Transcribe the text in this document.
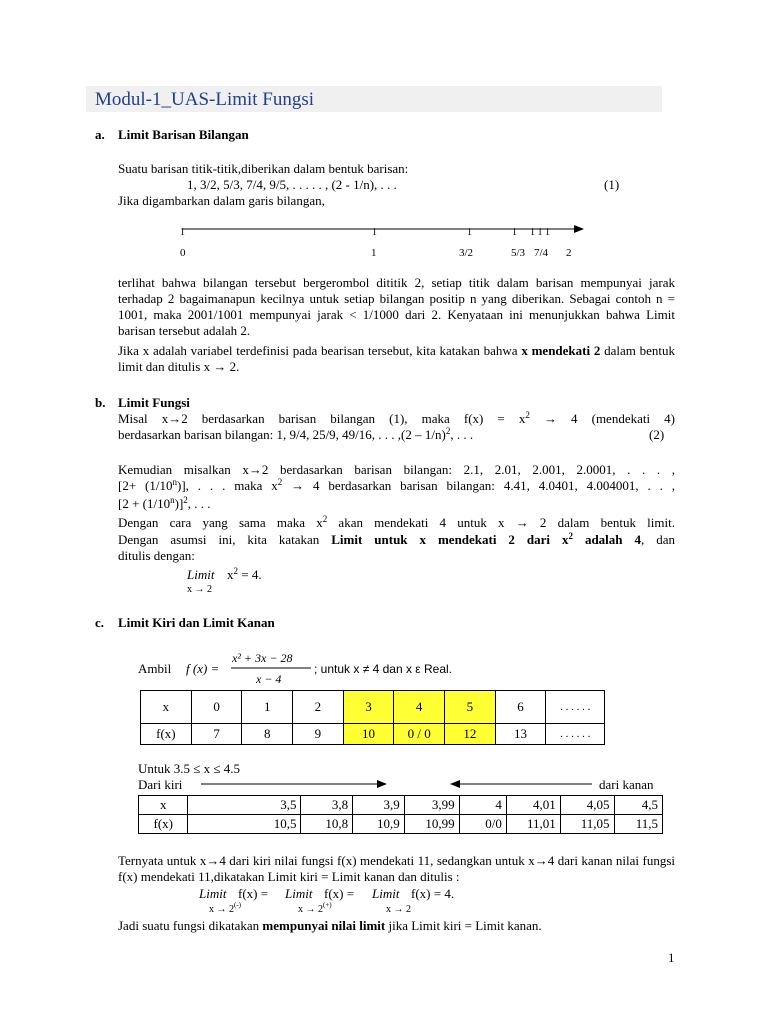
Modul-1_UAS-Limit Fungsi
a. Limit Barisan Bilangan
Suatu barisan titik-titik,diberikan dalam bentuk barisan:
1, 3/2, 5/3, 7/4, 9/5, . . . . . , (2 - 1/n), . . .	(1)
Jika digambarkan dalam garis bilangan,
1	1	1	1 1 1 1
0	1	3/2	5/3 7/4 2
terlihat bahwa bilangan tersebut bergerombol dititik 2, setiap titik dalam barisan mempunyai jarak terhadap 2 bagaimanapun kecilnya untuk setiap bilangan positip n yang diberikan. Sebagai contoh n = 1001, maka 2001/1001 mempunyai jarak < 1/1000 dari 2. Kenyataan ini menunjukkan bahwa Limit barisan tersebut adalah 2.
Jika x adalah variabel terdefinisi pada bearisan tersebut, kita katakan bahwa x mendekati 2 dalam bentuk limit dan ditulis x → 2.
b. Limit Fungsi
Misal x→2 berdasarkan barisan bilangan (1), maka $f(x) = x^2 \to 4$ (mendekati 4)
berdasarkan barisan bilangan: 1, 9/4, 25/9, 49/16, . . . ,(2 – 1/n)$^2$, . . .	(2)
Kemudian misalkan x→2 berdasarkan barisan bilangan: 2.1, 2.01, 2.001, 2.0001, . . . ,
$[2+ (1/10^n)]$, . . . maka $x^2 \to 4$ berdasarkan barisan bilangan: 4.41, 4.0401, 4.004001, . . ,
$[2 + (1/10^n)]^2$, . . .
Dengan cara yang sama maka $x^2$ akan mendekati 4 untuk x → 2 dalam bentuk limit.
Dengan asumsi ini, kita katakan Limit untuk x mendekati 2 dari $x^2$ adalah 4, dan
ditulis dengan:
Limit $x^2 = 4$.
x → 2
c. Limit Kiri dan Limit Kanan
Ambil f (x) =
x² + 3x − 28
x − 4
; untuk x ≠ 4 dan x ε Real.
x	0	1	2	3	4	5	6	. . . . . .
f(x)	7	8	9	10	0 / 0	12	13	. . . . . .
Untuk 3.5 ≤ x ≤ 4.5
Dari kiri	dari kanan
x	3,5	3,8	3,9	3,99	4	4,01	4,05	4,5
f(x)	10,5	10,8	10,9	10,99	0/0	11,01	11,05	11,5
Ternyata untuk x→4 dari kiri nilai fungsi f(x) mendekati 11, sedangkan untuk x→4 dari kanan nilai fungsi f(x) mendekati 11,dikatakan Limit kiri = Limit kanan dan ditulis :
Limit f(x) = Limit f(x) = Limit f(x) = 4.
x → 2(-)	x → 2(+)	x → 2
Jadi suatu fungsi dikatakan mempunyai nilai limit jika Limit kiri = Limit kanan.
1
